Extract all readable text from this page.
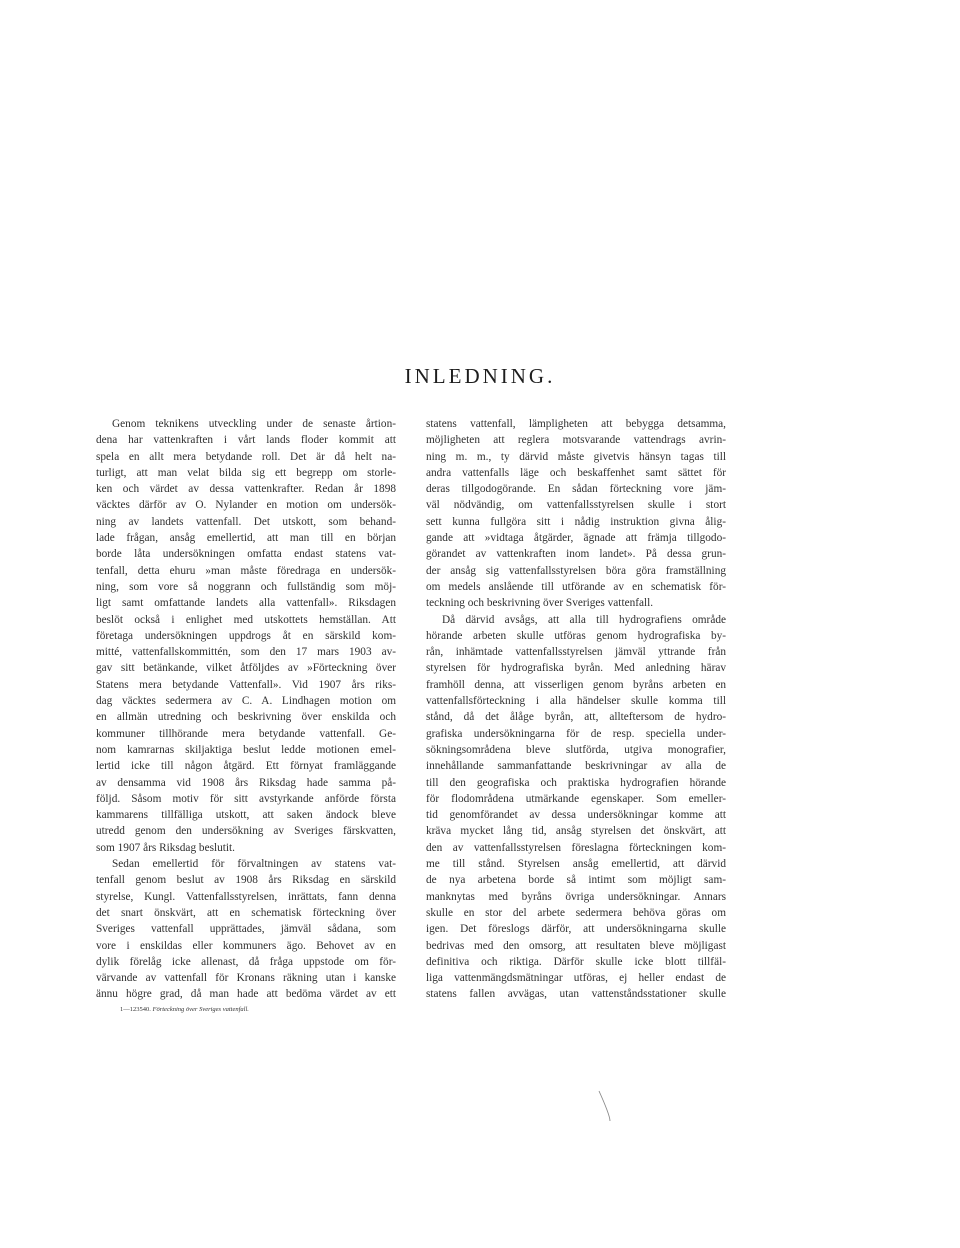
INLEDNING.
Genom teknikens utveckling under de senaste årtion-
dena har vattenkraften i vårt lands floder kommit att
spela en allt mera betydande roll. Det är då helt na-
turligt, att man velat bilda sig ett begrepp om storle-
ken och värdet av dessa vattenkrafter. Redan år 1898
väcktes därför av O. Nylander en motion om undersök-
ning av landets vattenfall. Det utskott, som behand-
lade frågan, ansåg emellertid, att man till en början
borde låta undersökningen omfatta endast statens vat-
tenfall, detta ehuru »man måste föredraga en undersök-
ning, som vore så noggrann och fullständig som möj-
ligt samt omfattande landets alla vattenfall». Riksdagen
beslöt också i enlighet med utskottets hemställan. Att
företaga undersökningen uppdrogs åt en särskild kom-
mitté, vattenfallskommittén, som den 17 mars 1903 av-
gav sitt betänkande, vilket åtföljdes av »Förteckning över
Statens mera betydande Vattenfall». Vid 1907 års riks-
dag väcktes sedermera av C. A. Lindhagen motion om
en allmän utredning och beskrivning över enskilda och
kommuner tillhörande mera betydande vattenfall. Ge-
nom kamrarnas skiljaktiga beslut ledde motionen emel-
lertid icke till någon åtgärd. Ett förnyat framläggande
av densamma vid 1908 års Riksdag hade samma på-
följd. Såsom motiv för sitt avstyrkande anförde första
kammarens tillfälliga utskott, att saken ändock bleve
utredd genom den undersökning av Sveriges färskvatten,
som 1907 års Riksdag beslutit.
Sedan emellertid för förvaltningen av statens vat-
tenfall genom beslut av 1908 års Riksdag en särskild
styrelse, Kungl. Vattenfallsstyrelsen, inrättats, fann denna
det snart önskvärt, att en schematisk förteckning över
Sveriges vattenfall upprättades, jämväl sådana, som
vore i enskildas eller kommuners ägo. Behovet av en
dylik förelåg icke allenast, då fråga uppstode om för-
värvande av vattenfall för Kronans räkning utan i kanske
ännu högre grad, då man hade att bedöma värdet av ett
statens vattenfall, lämpligheten att bebygga detsamma,
möjligheten att reglera motsvarande vattendrags avrin-
ning m. m., ty därvid måste givetvis hänsyn tagas till
andra vattenfalls läge och beskaffenhet samt sättet för
deras tillgodogörande. En sådan förteckning vore jäm-
väl nödvändig, om vattenfallsstyrelsen skulle i stort
sett kunna fullgöra sitt i nådig instruktion givna ålig-
gande att »vidtaga åtgärder, ägnade att främja tillgodo-
görandet av vattenkraften inom landet». På dessa grun-
der ansåg sig vattenfallsstyrelsen böra göra framställning
om medels anslående till utförande av en schematisk för-
teckning och beskrivning över Sveriges vattenfall.
Då därvid avsågs, att alla till hydrografiens område
hörande arbeten skulle utföras genom hydrografiska by-
rån, inhämtade vattenfallsstyrelsen jämväl yttrande från
styrelsen för hydrografiska byrån. Med anledning härav
framhöll denna, att visserligen genom byråns arbeten en
vattenfallsförteckning i alla händelser skulle komma till
stånd, då det ålåge byrån, att, allteftersom de hydro-
grafiska undersökningarna för de resp. speciella under-
sökningsområdena bleve slutförda, utgiva monografier,
innehållande sammanfattande beskrivningar av alla de
till den geografiska och praktiska hydrografien hörande
för flodområdena utmärkande egenskaper. Som emeller-
tid genomförandet av dessa undersökningar komme att
kräva mycket lång tid, ansåg styrelsen det önskvärt, att
den av vattenfallsstyrelsen föreslagna förteckningen kom-
me till stånd. Styrelsen ansåg emellertid, att därvid
de nya arbetena borde så intimt som möjligt sam-
manknytas med byråns övriga undersökningar. Annars
skulle en stor del arbete sedermera behöva göras om
igen. Det föreslogs därför, att undersökningarna skulle
bedrivas med den omsorg, att resultaten bleve möjligast
definitiva och riktiga. Därför skulle icke blott tillfäl-
liga vattenmängdsmätningar utföras, ej heller endast de
statens fallen avvägas, utan vattenståndsstationer skulle
1—123540. Förteckning över Sveriges vattenfall.
